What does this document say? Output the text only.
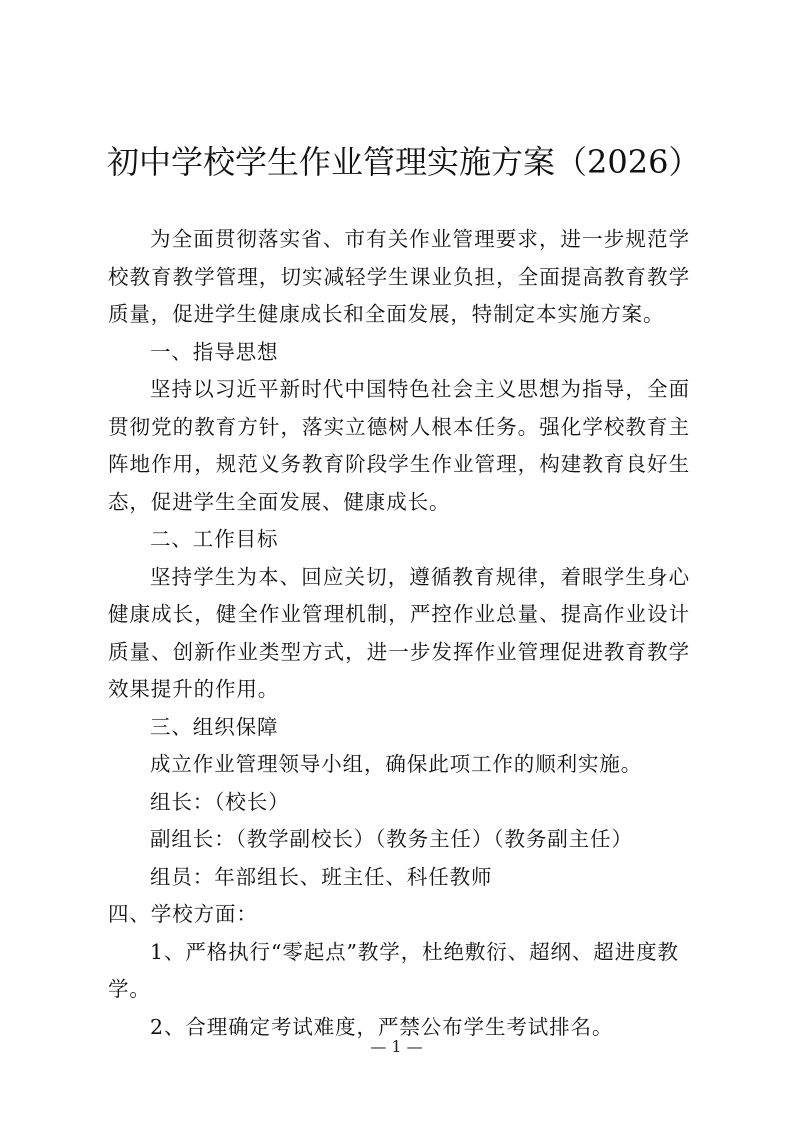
初中学校学生作业管理实施方案（2026）

为全面贯彻落实省、市有关作业管理要求，进一步规范学校教育教学管理，切实减轻学生课业负担，全面提高教育教学质量，促进学生健康成长和全面发展，特制定本实施方案。

一、指导思想

坚持以习近平新时代中国特色社会主义思想为指导，全面贯彻党的教育方针，落实立德树人根本任务。强化学校教育主阵地作用，规范义务教育阶段学生作业管理，构建教育良好生态，促进学生全面发展、健康成长。

二、工作目标

坚持学生为本、回应关切，遵循教育规律，着眼学生身心健康成长，健全作业管理机制，严控作业总量、提高作业设计质量、创新作业类型方式，进一步发挥作业管理促进教育教学效果提升的作用。

三、组织保障

成立作业管理领导小组，确保此项工作的顺利实施。

组长：（校长）

副组长：（教学副校长）（教务主任）（教务副主任）

组员：年部组长、班主任、科任教师

四、学校方面：

1、严格执行“零起点”教学，杜绝敷衍、超纲、超进度教学。

2、合理确定考试难度，严禁公布学生考试排名。

— 1 —
